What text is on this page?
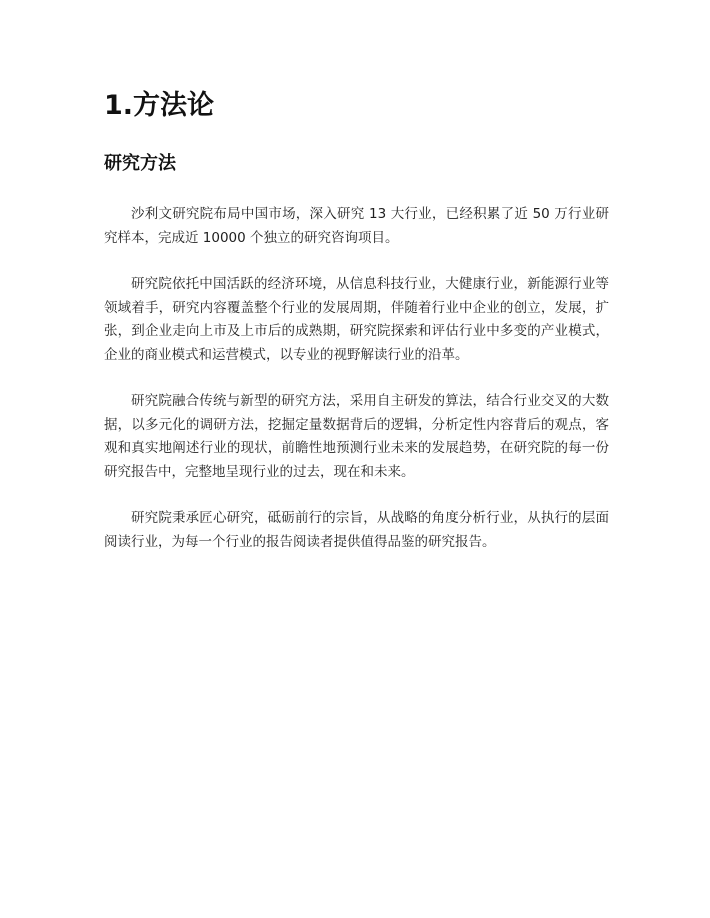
1.方法论
研究方法

沙利文研究院布局中国市场，深入研究 13 大行业，已经积累了近 50 万行业研究样本，完成近 10000 个独立的研究咨询项目。

研究院依托中国活跃的经济环境，从信息科技行业，大健康行业，新能源行业等领域着手，研究内容覆盖整个行业的发展周期，伴随着行业中企业的创立，发展，扩张，到企业走向上市及上市后的成熟期，研究院探索和评估行业中多变的产业模式，企业的商业模式和运营模式，以专业的视野解读行业的沿革。

研究院融合传统与新型的研究方法，采用自主研发的算法，结合行业交叉的大数据，以多元化的调研方法，挖掘定量数据背后的逻辑，分析定性内容背后的观点，客观和真实地阐述行业的现状，前瞻性地预测行业未来的发展趋势，在研究院的每一份研究报告中，完整地呈现行业的过去，现在和未来。

研究院秉承匠心研究，砥砺前行的宗旨，从战略的角度分析行业，从执行的层面阅读行业，为每一个行业的报告阅读者提供值得品鉴的研究报告。
